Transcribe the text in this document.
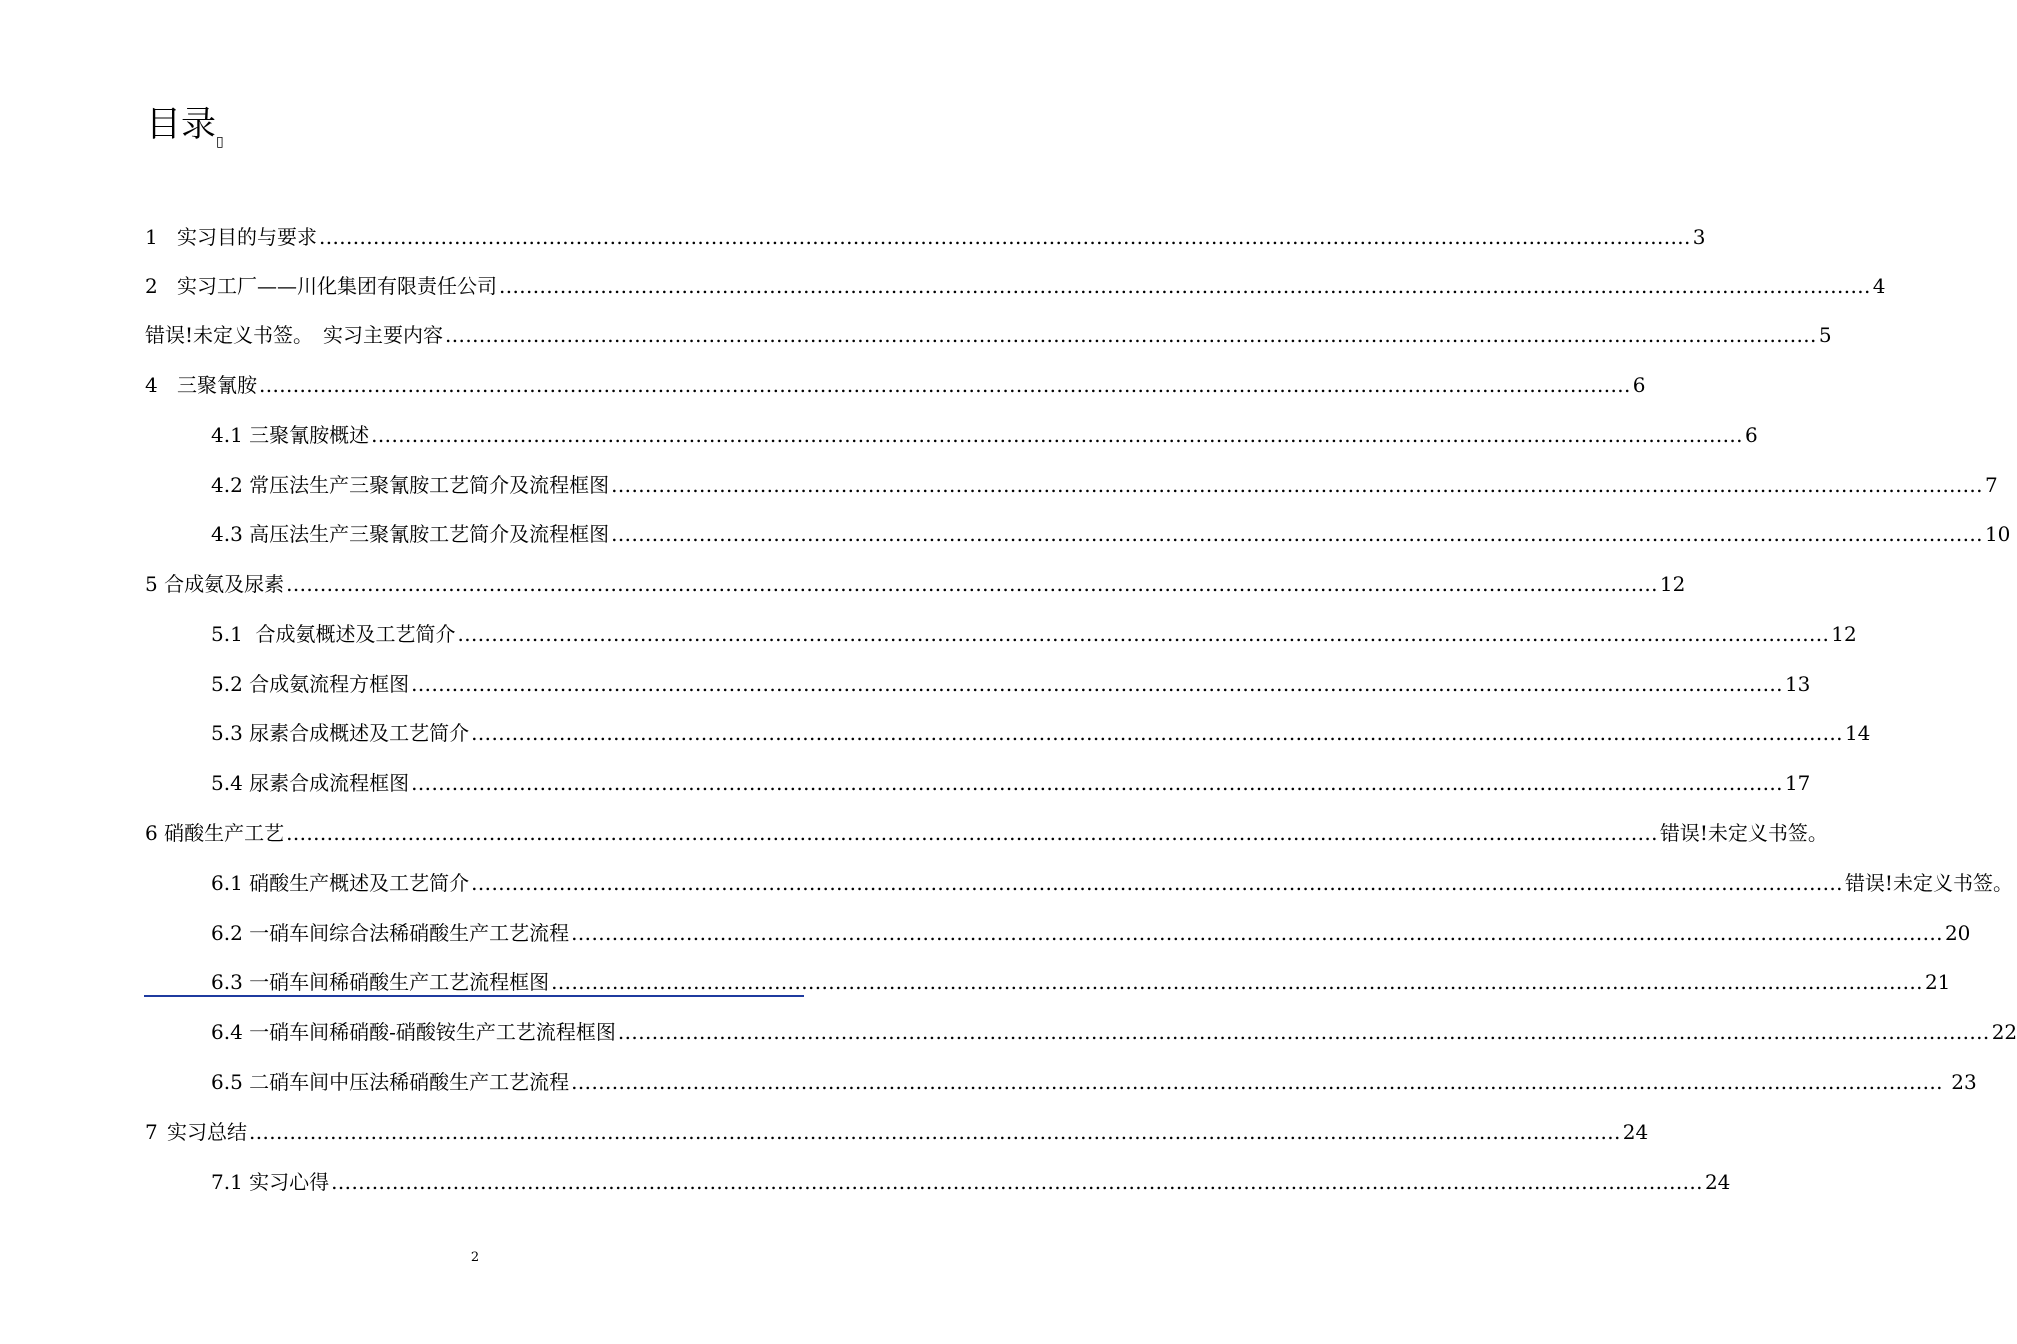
目录$_▯$
1 实习目的与要求 ........................................................................................................................................................................................................... 3
2 实习工厂——川化集团有限责任公司 ........................................................................................................................................................................................................... 4
错误!未定义书签。　实习主要内容 ........................................................................................................................................................................................................... 5
4 三聚氰胺 ........................................................................................................................................................................................................... 6
4.1 三聚氰胺概述 ........................................................................................................................................................................................................... 6
4.2 常压法生产三聚氰胺工艺简介及流程框图 ........................................................................................................................................................................................................... 7
4.3 高压法生产三聚氰胺工艺简介及流程框图 ........................................................................................................................................................................................................... 10
5 合成氨及尿素 ........................................................................................................................................................................................................... 12
5.1  合成氨概述及工艺简介 ........................................................................................................................................................................................................... 12
5.2 合成氨流程方框图 ........................................................................................................................................................................................................... 13
5.3 尿素合成概述及工艺简介 ........................................................................................................................................................................................................... 14
5.4 尿素合成流程框图 ........................................................................................................................................................................................................... 17
6 硝酸生产工艺 ........................................................................................................................................................................................................... 错误!未定义书签。
6.1 硝酸生产概述及工艺简介 ........................................................................................................................................................................................................... 错误!未定义书签。
6.2 一硝车间综合法稀硝酸生产工艺流程 ........................................................................................................................................................................................................... 20
6.3 一硝车间稀硝酸生产工艺流程框图 ........................................................................................................................................................................................................... 21
6.4 一硝车间稀硝酸-硝酸铵生产工艺流程框图 ........................................................................................................................................................................................................... 22
6.5 二硝车间中压法稀硝酸生产工艺流程 ........................................................................................................................................................................................................... 23
7 实习总结 ........................................................................................................................................................................................................... 24
7.1 实习心得 ........................................................................................................................................................................................................... 24
2
